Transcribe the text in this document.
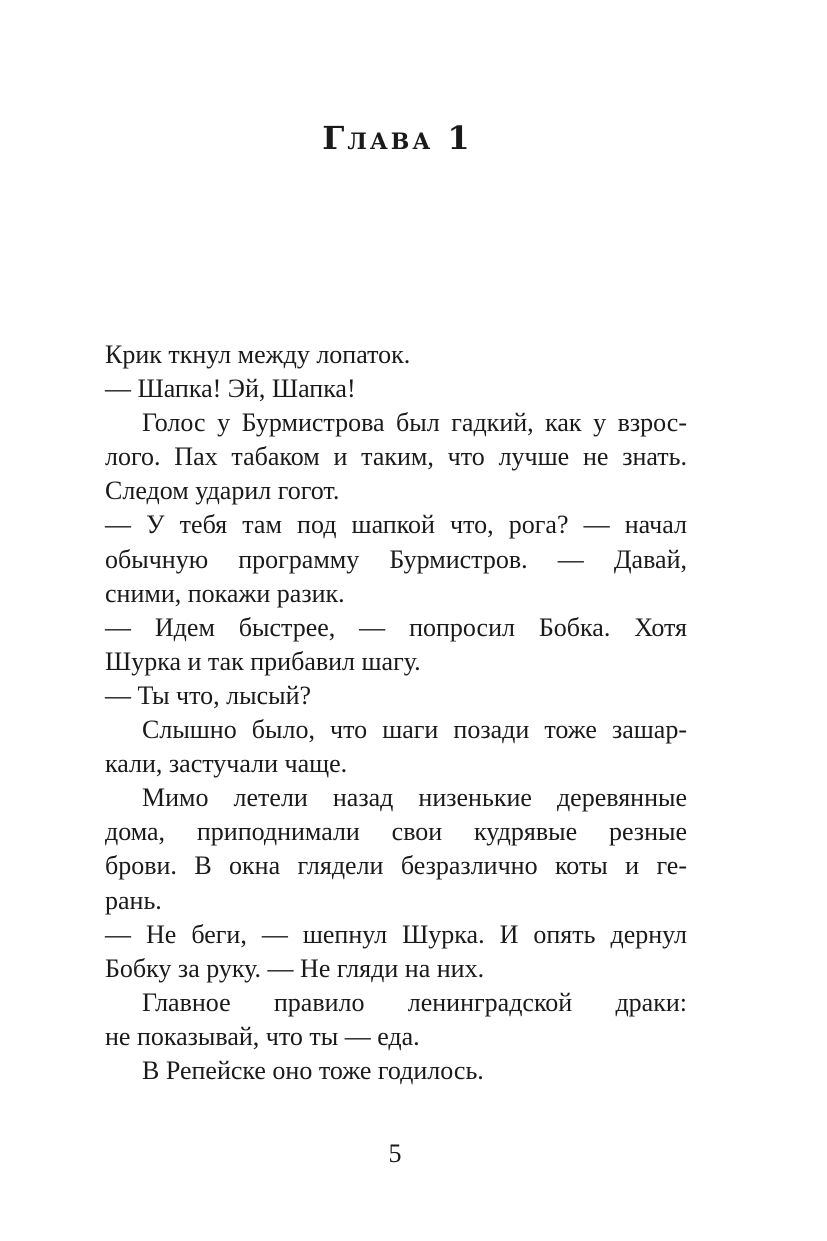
Глава 1
Крик ткнул между лопаток.
— Шапка! Эй, Шапка!
Голос у Бурмистрова был гадкий, как у взрос-
лого. Пах табаком и таким, что лучше не знать.
Следом ударил гогот.
— У тебя там под шапкой что, рога? — начал
обычную программу Бурмистров. — Давай,
сними, покажи разик.
— Идем быстрее, — попросил Бобка. Хотя
Шурка и так прибавил шагу.
— Ты что, лысый?
Слышно было, что шаги позади тоже зашар-
кали, застучали чаще.
Мимо летели назад низенькие деревянные
дома, приподнимали свои кудрявые резные
брови. В окна глядели безразлично коты и ге-
рань.
— Не беги, — шепнул Шурка. И опять дернул
Бобку за руку. — Не гляди на них.
Главное правило ленинградской драки:
не показывай, что ты — еда.
В Репейске оно тоже годилось.
5
